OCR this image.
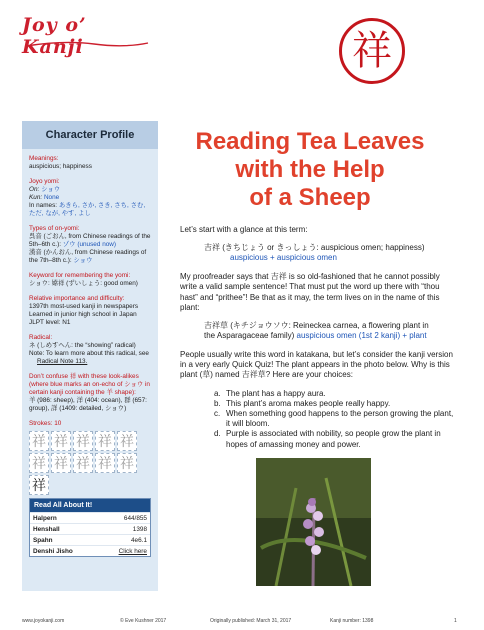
Joy o’ Kanji	祥
Character Profile
Meanings:
auspicious; happiness
Joyo yomi:
On: ショウ
Kun: None
In names: あきら, さか, さき, さち, さむ, ただ, なが, やす, よし
Types of on-yomi:
呉音 (ごおん, from Chinese readings of the 5th–6th c.): ゾウ (unused now)
漢音 (かんおん, from Chinese readings of the 7th–8th c.): ショウ
Keyword for remembering the yomi:
ショウ: 嫦祥 (ずいしょう: good omen)
Relative importance and difficulty:
1397th most-used kanji in newspapers
Learned in junior high school in Japan
JLPT level: N1
Radical:
ネ (しめすへん: the “showing” radical)
Note: To learn more about this radical, see
Radical Note 113.
Don’t confuse 祥 with these look-alikes (where blue marks an on-echo of ショウ in certain kanji containing the 羊 shape):
羊 (986: sheep), 洋 (404: ocean), 群 (657: group), 詳 (1409: detailed, ショウ)
Strokes: 10
祥 祥 祥 祥 祥
祥 祥 祥 祥 祥
祥
Read All About It!
Halpern	644/855
Henshall	1398
Spahn	4e6.1
Denshi Jisho	Click here
Reading Tea Leaves
with the Help
of a Sheep

Let’s start with a glance at this term:

吉祥 (きちじょう or きっしょう: auspicious omen; happiness)
auspicious + auspicious omen

My proofreader says that 吉祥 is so old-fashioned that he cannot possibly write a valid sample sentence! That must put the word up there with “thou hast” and “prithee”! Be that as it may, the term lives on in the name of this plant:

吉祥草 (キチジョウソウ: Reineckea carnea, a flowering plant in
the Asparagaceae family) auspicious omen (1st 2 kanji) + plant

People usually write this word in katakana, but let’s consider the kanji version in a very early Quick Quiz! The plant appears in the photo below. Why is this plant (草) named 吉祥草? Here are your choices:

a. The plant has a happy aura.
b. This plant’s aroma makes people really happy.
c. When something good happens to the person growing the plant, it will bloom.
d. Purple is associated with nobility, so people grow the plant in hopes of amassing money and power.
www.joyokanji.com	© Eve Kushner 2017	Originally published: March 31, 2017	Kanji number: 1398	1
